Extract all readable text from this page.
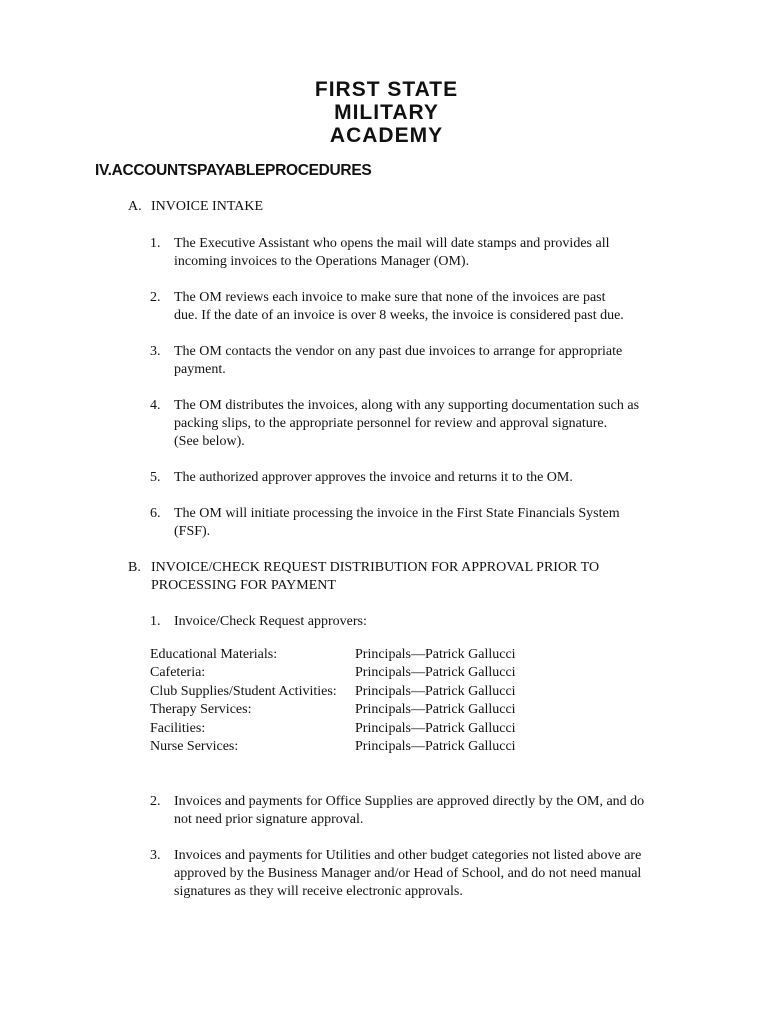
FIRST STATE
MILITARY
ACADEMY
IV.ACCOUNTSPAYABLEPROCEDURES
A. INVOICE INTAKE
1. The Executive Assistant who opens the mail will date stamps and provides all
incoming invoices to the Operations Manager (OM).
2. The OM reviews each invoice to make sure that none of the invoices are past
due. If the date of an invoice is over 8 weeks, the invoice is considered past due.
3. The OM contacts the vendor on any past due invoices to arrange for appropriate
payment.
4. The OM distributes the invoices, along with any supporting documentation such as
packing slips, to the appropriate personnel for review and approval signature.
(See below).
5. The authorized approver approves the invoice and returns it to the OM.
6. The OM will initiate processing the invoice in the First State Financials System
(FSF).
B. INVOICE/CHECK REQUEST DISTRIBUTION FOR APPROVAL PRIOR TO
PROCESSING FOR PAYMENT
1. Invoice/Check Request approvers:
Educational Materials:	Principals—Patrick Gallucci
Cafeteria:	Principals—Patrick Gallucci
Club Supplies/Student Activities: Principals—Patrick Gallucci
Therapy Services:	Principals—Patrick Gallucci
Facilities:	Principals—Patrick Gallucci
Nurse Services:	Principals—Patrick Gallucci
2. Invoices and payments for Office Supplies are approved directly by the OM, and do
not need prior signature approval.
3. Invoices and payments for Utilities and other budget categories not listed above are
approved by the Business Manager and/or Head of School, and do not need manual
signatures as they will receive electronic approvals.
